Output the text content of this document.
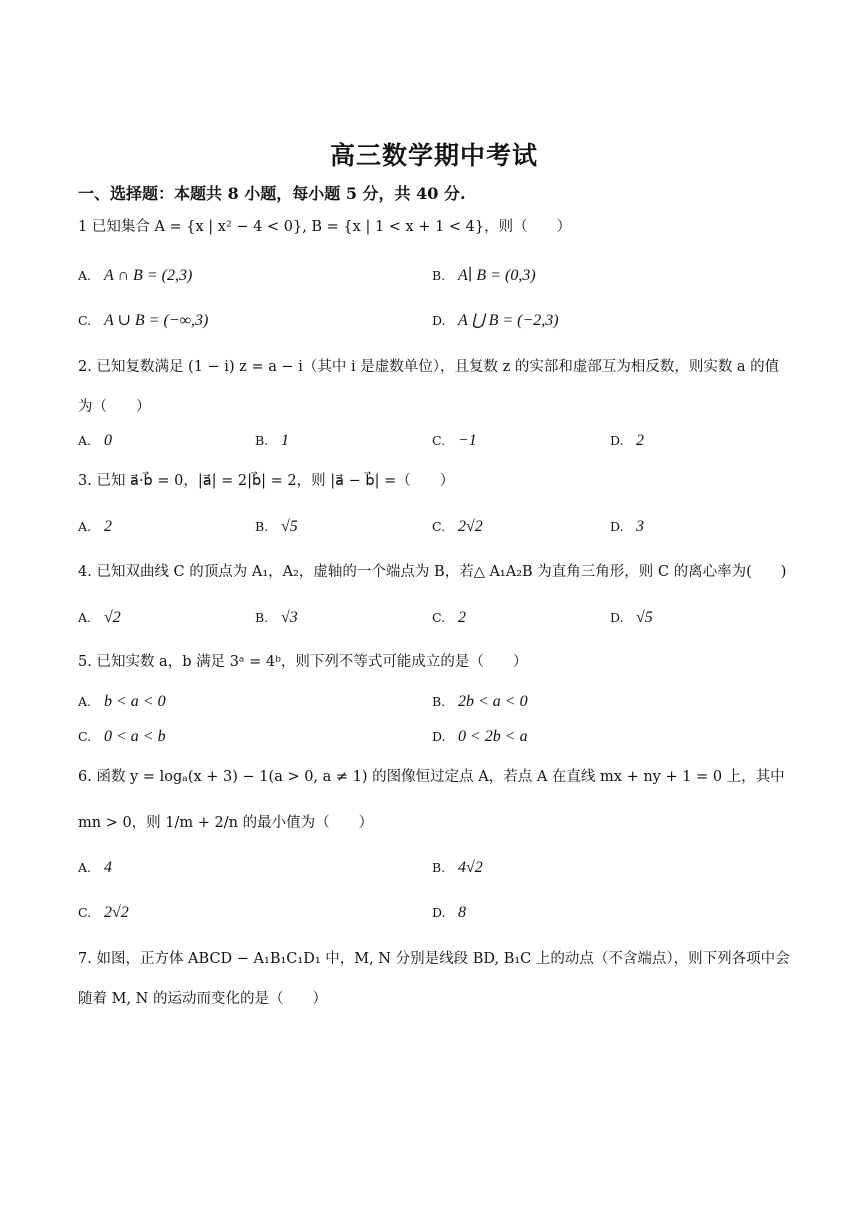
高三数学期中考试
一、选择题：本题共 8 小题，每小题 5 分，共 40 分.
1 已知集合 A = {x | x² − 4 < 0}, B = {x | 1 < x + 1 < 4}，则（　　）
A. A ∩ B = (2,3)	B. A∣ B = (0,3)
C. A ∪ B = (−∞,3)	D. A ⋃ B = (−2,3)
2. 已知复数满足 (1 − i) z = a − i（其中 i 是虚数单位），且复数 z 的实部和虚部互为相反数，则实数 a 的值
为（　　）
A. 0	B. 1	C. −1	D. 2
3. 已知 a⃗·b⃗ = 0，|a⃗| = 2|b⃗| = 2，则 |a⃗ − b⃗| =（　　）
A. 2	B. √5	C. 2√2	D. 3
4. 已知双曲线 C 的顶点为 A₁，A₂，虚轴的一个端点为 B，若△ A₁A₂B 为直角三角形，则 C 的离心率为(　　)
A. √2	B. √3	C. 2	D. √5
5. 已知实数 a，b 满足 3ᵃ = 4ᵇ，则下列不等式可能成立的是（　　）
A. b < a < 0	B. 2b < a < 0
C. 0 < a < b	D. 0 < 2b < a
6. 函数 y = logₐ(x + 3) − 1(a > 0, a ≠ 1) 的图像恒过定点 A，若点 A 在直线 mx + ny + 1 = 0 上，其中
mn > 0，则 1/m + 2/n 的最小值为（　　）
A. 4	B. 4√2
C. 2√2	D. 8
7. 如图，正方体 ABCD − A₁B₁C₁D₁ 中，M, N 分别是线段 BD, B₁C 上的动点（不含端点），则下列各项中会
随着 M, N 的运动而变化的是（　　）
